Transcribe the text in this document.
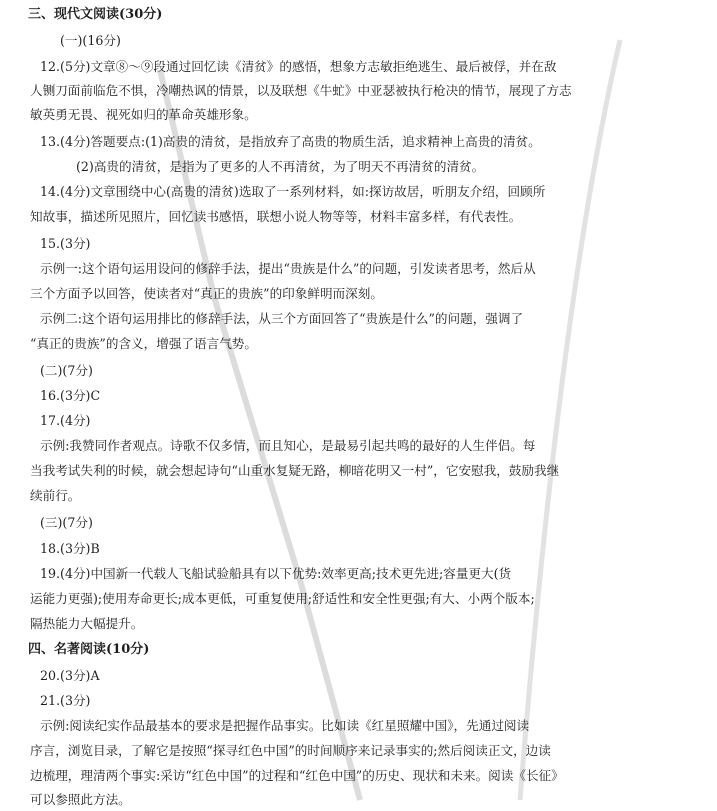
三、现代文阅读(30分)

(一)(16分)

12.(5分)文章⑧～⑨段通过回忆读《清贫》的感悟，想象方志敏拒绝逃生、最后被俘，并在敌

人铡刀面前临危不惧，冷嘲热讽的情景，以及联想《牛虻》中亚瑟被执行枪决的情节，展现了方志

敏英勇无畏、视死如归的革命英雄形象。

13.(4分)答题要点:(1)高贵的清贫，是指放弃了高贵的物质生活，追求精神上高贵的清贫。

(2)高贵的清贫，是指为了更多的人不再清贫，为了明天不再清贫的清贫。

14.(4分)文章围绕中心(高贵的清贫)选取了一系列材料，如:探访故居，听朋友介绍，回顾所

知故事，描述所见照片，回忆读书感悟，联想小说人物等等，材料丰富多样，有代表性。

15.(3分)

示例一:这个语句运用设问的修辞手法，提出“贵族是什么”的问题，引发读者思考，然后从

三个方面予以回答，使读者对“真正的贵族”的印象鲜明而深刻。

示例二:这个语句运用排比的修辞手法，从三个方面回答了“贵族是什么”的问题，强调了

“真正的贵族”的含义，增强了语言气势。

(二)(7分)

16.(3分)C

17.(4分)

示例:我赞同作者观点。诗歌不仅多情，而且知心，是最易引起共鸣的最好的人生伴侣。每

当我考试失利的时候，就会想起诗句“山重水复疑无路，柳暗花明又一村”，它安慰我，鼓励我继

续前行。

(三)(7分)

18.(3分)B

19.(4分)中国新一代载人飞船试验船具有以下优势:效率更高;技术更先进;容量更大(货

运能力更强);使用寿命更长;成本更低，可重复使用;舒适性和安全性更强;有大、小两个版本;

隔热能力大幅提升。

四、名著阅读(10分)

20.(3分)A

21.(3分)

示例:阅读纪实作品最基本的要求是把握作品事实。比如读《红星照耀中国》，先通过阅读

序言，浏览目录，了解它是按照“探寻红色中国”的时间顺序来记录事实的;然后阅读正文，边读

边梳理，理清两个事实:采访“红色中国”的过程和“红色中国”的历史、现状和未来。阅读《长征》

可以参照此方法。
